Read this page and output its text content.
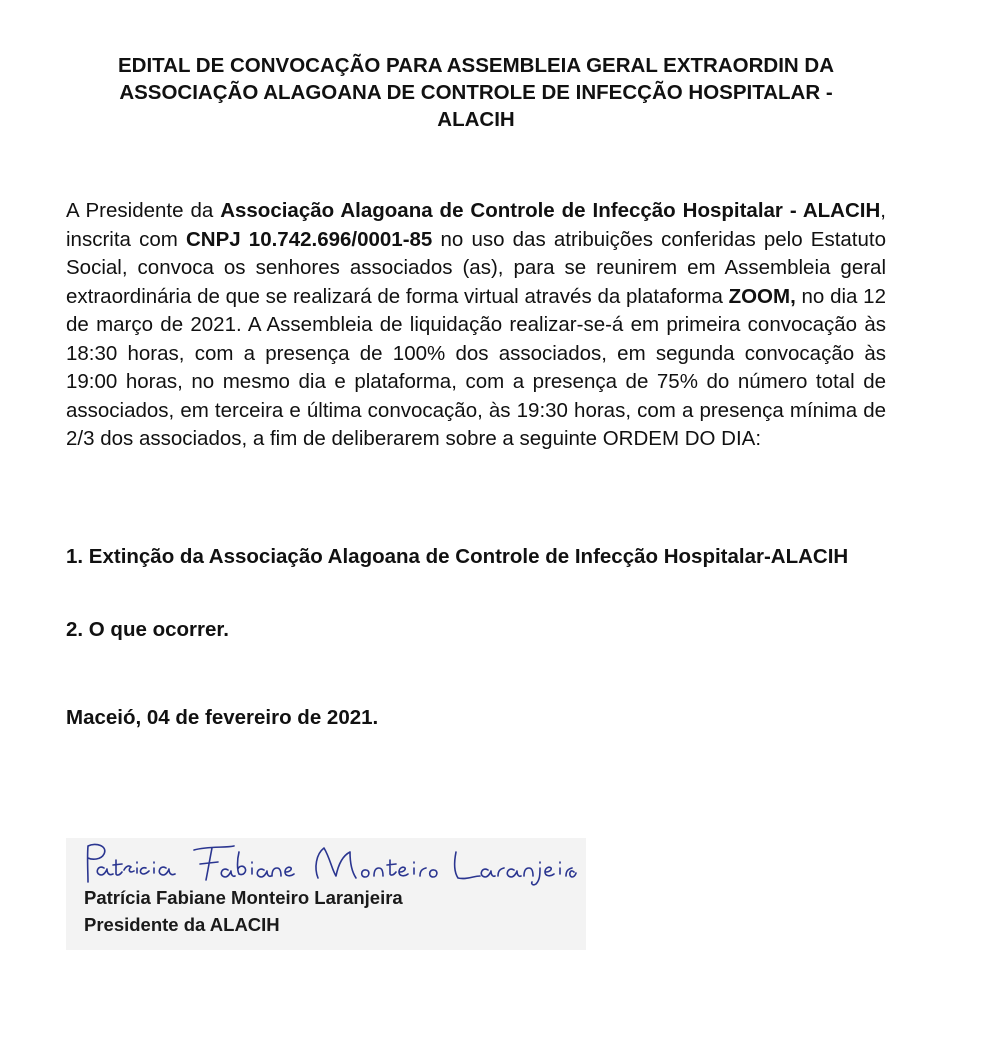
EDITAL DE CONVOCAÇÃO PARA ASSEMBLEIA GERAL EXTRAORDIN DA
ASSOCIAÇÃO ALAGOANA DE CONTROLE DE INFECÇÃO HOSPITALAR -
ALACIH

A Presidente da Associação Alagoana de Controle de Infecção Hospitalar - ALACIH, inscrita com CNPJ 10.742.696/0001-85 no uso das atribuições conferidas pelo Estatuto Social, convoca os senhores associados (as), para se reunirem em Assembleia geral extraordinária de que se realizará de forma virtual através da plataforma ZOOM, no dia 12 de março de 2021. A Assembleia de liquidação realizar-se-á em primeira convocação às 18:30 horas, com a presença de 100% dos associados, em segunda convocação às 19:00 horas, no mesmo dia e plataforma, com a presença de 75% do número total de associados, em terceira e última convocação, às 19:30 horas, com a presença mínima de 2/3 dos associados, a fim de deliberarem sobre a seguinte ORDEM DO DIA:

1. Extinção da Associação Alagoana de Controle de Infecção Hospitalar-ALACIH

2. O que ocorrer.

Maceió, 04 de fevereiro de 2021.
Patrícia Fabiane Monteiro Laranjeira
Presidente da ALACIH
